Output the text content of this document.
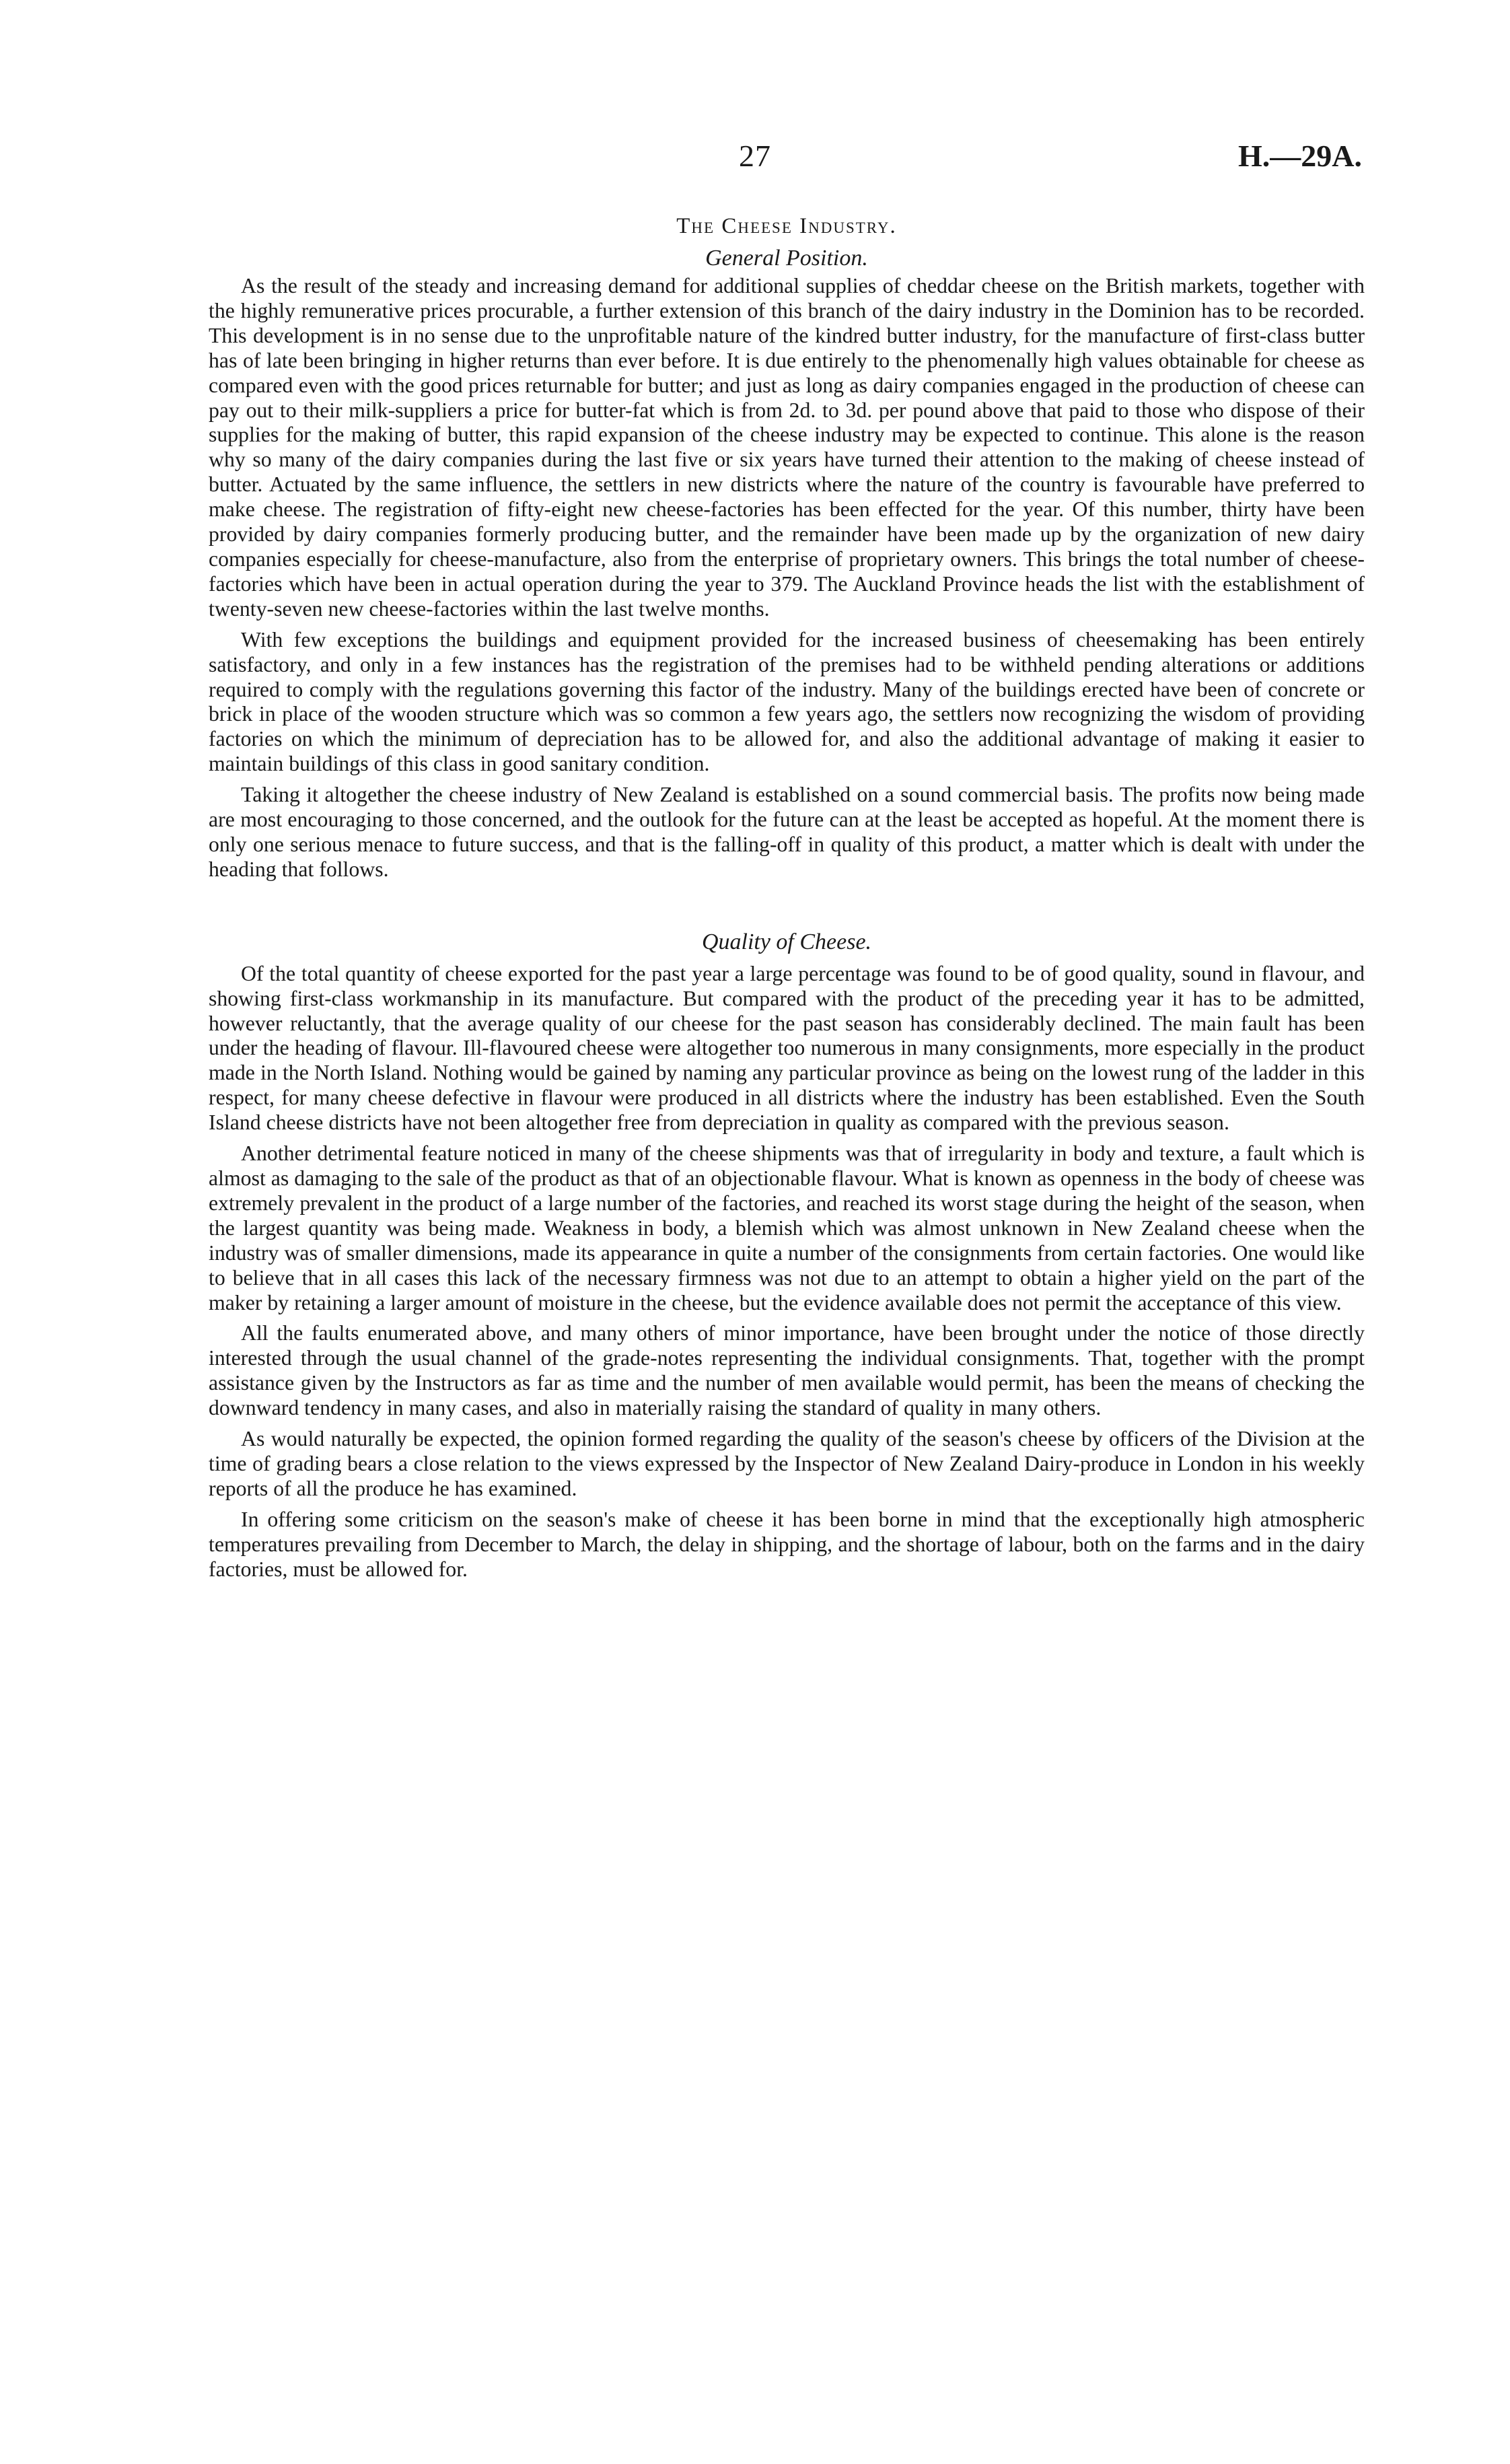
27	H.—29A.
The Cheese Industry.
General Position.

As the result of the steady and increasing demand for additional supplies of cheddar cheese on the British markets, together with the highly remunerative prices procurable, a further extension of this branch of the dairy industry in the Dominion has to be recorded. This development is in no sense due to the unprofitable nature of the kindred butter industry, for the manufacture of first-class butter has of late been bringing in higher returns than ever before. It is due entirely to the phenomenally high values obtainable for cheese as compared even with the good prices returnable for butter; and just as long as dairy companies engaged in the production of cheese can pay out to their milk-suppliers a price for butter-fat which is from 2d. to 3d. per pound above that paid to those who dispose of their supplies for the making of butter, this rapid expansion of the cheese industry may be expected to continue. This alone is the reason why so many of the dairy companies during the last five or six years have turned their attention to the making of cheese instead of butter. Actuated by the same influence, the settlers in new districts where the nature of the country is favourable have preferred to make cheese. The registration of fifty-eight new cheese-factories has been effected for the year. Of this number, thirty have been provided by dairy companies formerly producing butter, and the remainder have been made up by the organization of new dairy companies especially for cheese-manufacture, also from the enterprise of proprietary owners. This brings the total number of cheese-factories which have been in actual operation during the year to 379. The Auckland Province heads the list with the establishment of twenty-seven new cheese-factories within the last twelve months.

With few exceptions the buildings and equipment provided for the increased business of cheesemaking has been entirely satisfactory, and only in a few instances has the registration of the premises had to be withheld pending alterations or additions required to comply with the regulations governing this factor of the industry. Many of the buildings erected have been of concrete or brick in place of the wooden structure which was so common a few years ago, the settlers now recognizing the wisdom of providing factories on which the minimum of depreciation has to be allowed for, and also the additional advantage of making it easier to maintain buildings of this class in good sanitary condition.

Taking it altogether the cheese industry of New Zealand is established on a sound commercial basis. The profits now being made are most encouraging to those concerned, and the outlook for the future can at the least be accepted as hopeful. At the moment there is only one serious menace to future success, and that is the falling-off in quality of this product, a matter which is dealt with under the heading that follows.

Quality of Cheese.

Of the total quantity of cheese exported for the past year a large percentage was found to be of good quality, sound in flavour, and showing first-class workmanship in its manufacture. But compared with the product of the preceding year it has to be admitted, however reluctantly, that the average quality of our cheese for the past season has considerably declined. The main fault has been under the heading of flavour. Ill-flavoured cheese were altogether too numerous in many consignments, more especially in the product made in the North Island. Nothing would be gained by naming any particular province as being on the lowest rung of the ladder in this respect, for many cheese defective in flavour were produced in all districts where the industry has been established. Even the South Island cheese districts have not been altogether free from depreciation in quality as compared with the previous season.

Another detrimental feature noticed in many of the cheese shipments was that of irregularity in body and texture, a fault which is almost as damaging to the sale of the product as that of an objectionable flavour. What is known as openness in the body of cheese was extremely prevalent in the product of a large number of the factories, and reached its worst stage during the height of the season, when the largest quantity was being made. Weakness in body, a blemish which was almost unknown in New Zealand cheese when the industry was of smaller dimensions, made its appearance in quite a number of the consignments from certain factories. One would like to believe that in all cases this lack of the necessary firmness was not due to an attempt to obtain a higher yield on the part of the maker by retaining a larger amount of moisture in the cheese, but the evidence available does not permit the acceptance of this view.

All the faults enumerated above, and many others of minor importance, have been brought under the notice of those directly interested through the usual channel of the grade-notes representing the individual consignments. That, together with the prompt assistance given by the Instructors as far as time and the number of men available would permit, has been the means of checking the downward tendency in many cases, and also in materially raising the standard of quality in many others.

As would naturally be expected, the opinion formed regarding the quality of the season's cheese by officers of the Division at the time of grading bears a close relation to the views expressed by the Inspector of New Zealand Dairy-produce in London in his weekly reports of all the produce he has examined.

In offering some criticism on the season's make of cheese it has been borne in mind that the exceptionally high atmospheric temperatures prevailing from December to March, the delay in shipping, and the shortage of labour, both on the farms and in the dairy factories, must be allowed for.
